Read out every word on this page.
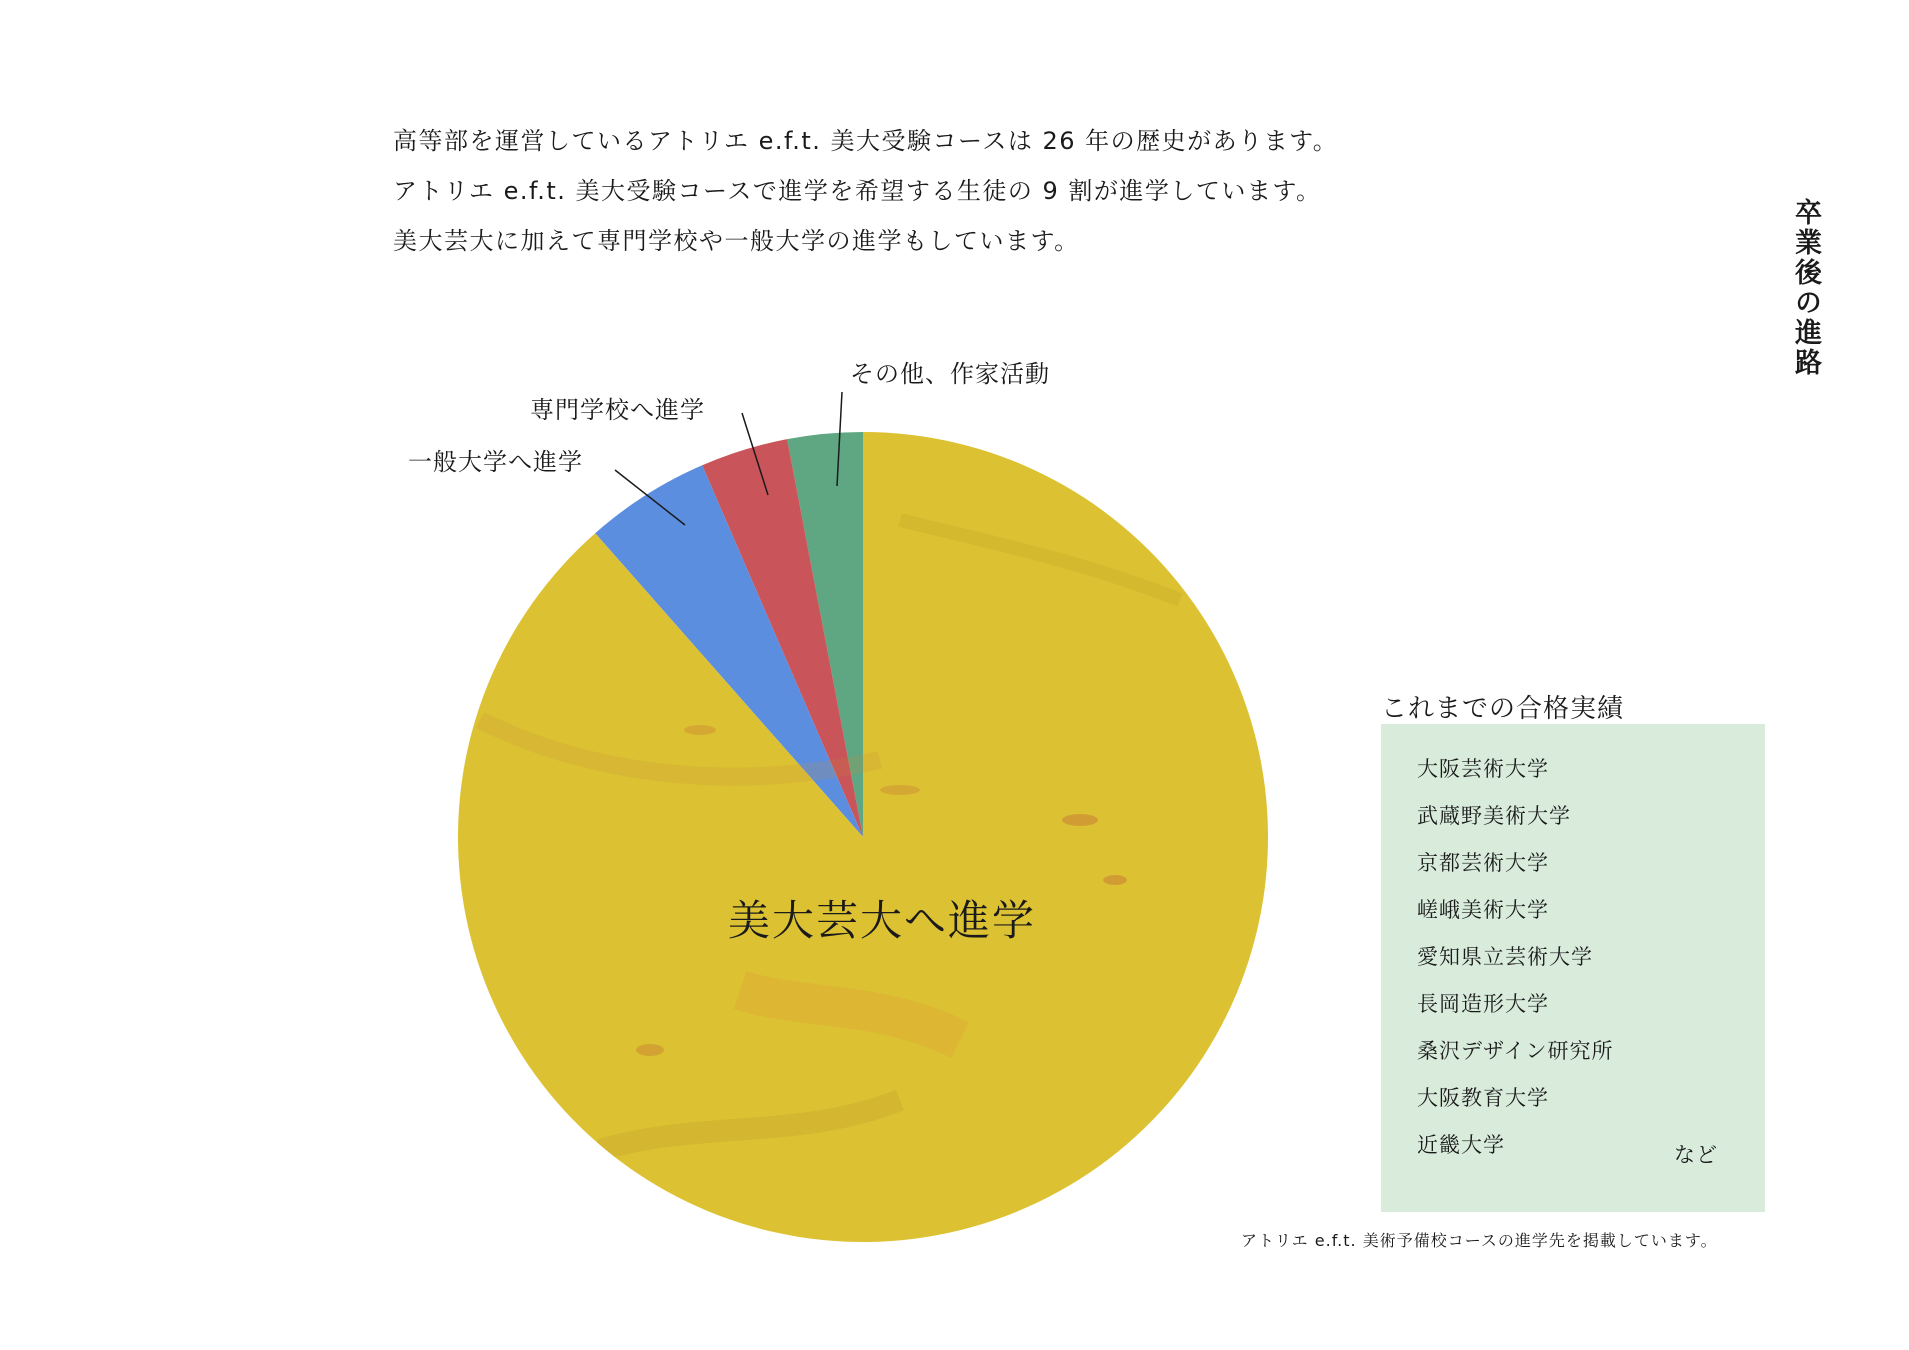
高等部を運営しているアトリエ e.f.t. 美大受験コースは 26 年の歴史があります。

アトリエ e.f.t. 美大受験コースで進学を希望する生徒の 9 割が進学しています。

美大芸大に加えて専門学校や一般大学の進学もしています。	卒業後の進路
その他、作家活動
専門学校へ進学
一般大学へ進学
美大芸大へ進学
これまでの合格実績
大阪芸術大学
武蔵野美術大学
京都芸術大学
嵯峨美術大学
愛知県立芸術大学
長岡造形大学
桑沢デザイン研究所
大阪教育大学
近畿大学	など
アトリエ e.f.t. 美術予備校コースの進学先を掲載しています。
